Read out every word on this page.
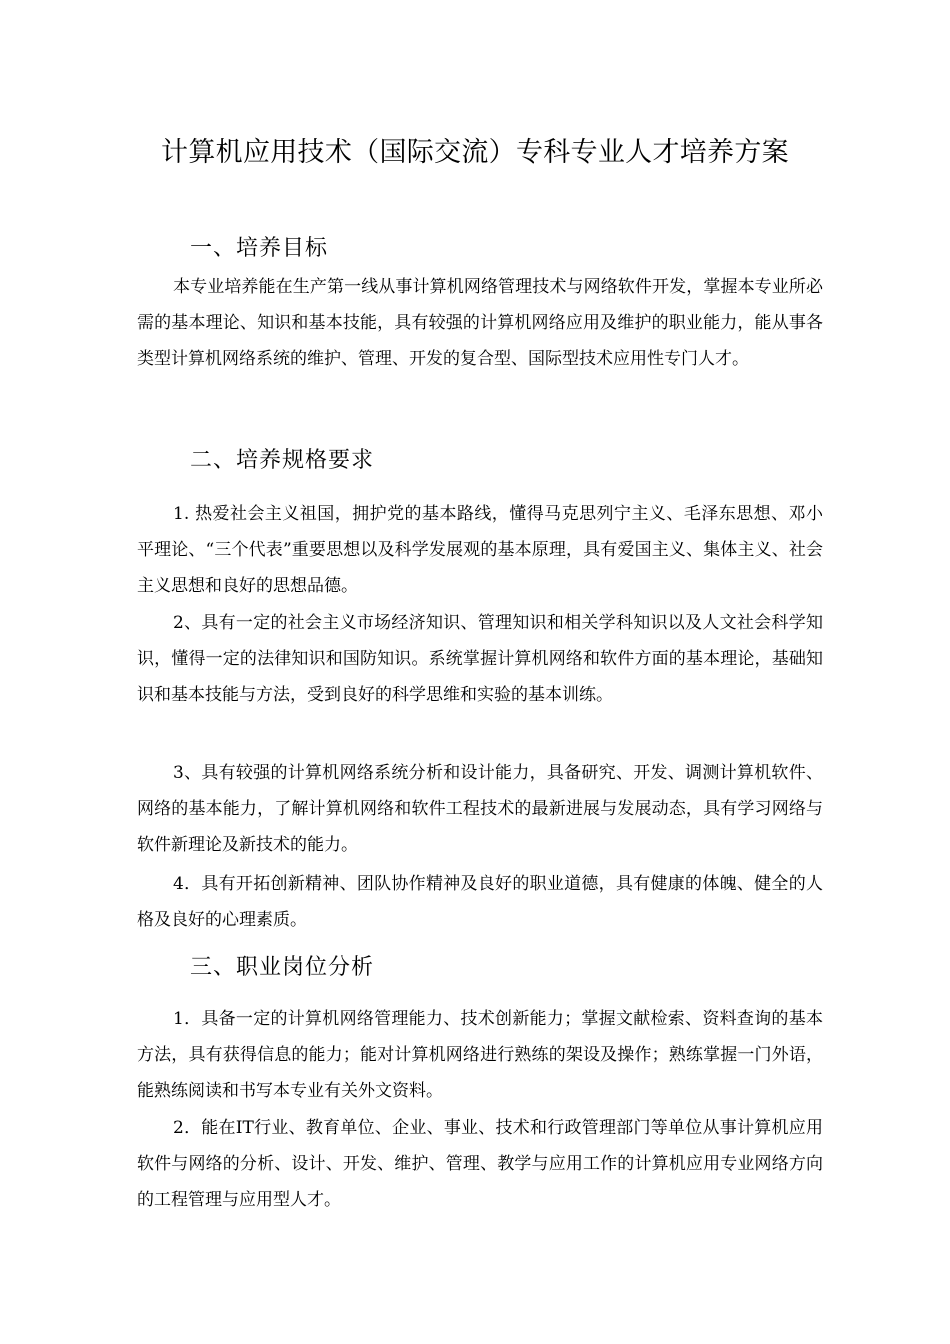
计算机应用技术（国际交流）专科专业人才培养方案
一、培养目标

本专业培养能在生产第一线从事计算机网络管理技术与网络软件开发，掌握本专业所必需的基本理论、知识和基本技能，具有较强的计算机网络应用及维护的职业能力，能从事各类型计算机网络系统的维护、管理、开发的复合型、国际型技术应用性专门人才。

二、培养规格要求

1. 热爱社会主义祖国，拥护党的基本路线，懂得马克思列宁主义、毛泽东思想、邓小平理论、“三个代表”重要思想以及科学发展观的基本原理，具有爱国主义、集体主义、社会主义思想和良好的思想品德。

2、具有一定的社会主义市场经济知识、管理知识和相关学科知识以及人文社会科学知识，懂得一定的法律知识和国防知识。系统掌握计算机网络和软件方面的基本理论，基础知识和基本技能与方法，受到良好的科学思维和实验的基本训练。

3、具有较强的计算机网络系统分析和设计能力，具备研究、开发、调测计算机软件、网络的基本能力，了解计算机网络和软件工程技术的最新进展与发展动态，具有学习网络与软件新理论及新技术的能力。

4．具有开拓创新精神、团队协作精神及良好的职业道德，具有健康的体魄、健全的人格及良好的心理素质。

三、职业岗位分析

1．具备一定的计算机网络管理能力、技术创新能力；掌握文献检索、资料查询的基本方法，具有获得信息的能力；能对计算机网络进行熟练的架设及操作；熟练掌握一门外语，能熟练阅读和书写本专业有关外文资料。

2．能在IT行业、教育单位、企业、事业、技术和行政管理部门等单位从事计算机应用软件与网络的分析、设计、开发、维护、管理、教学与应用工作的计算机应用专业网络方向的工程管理与应用型人才。
